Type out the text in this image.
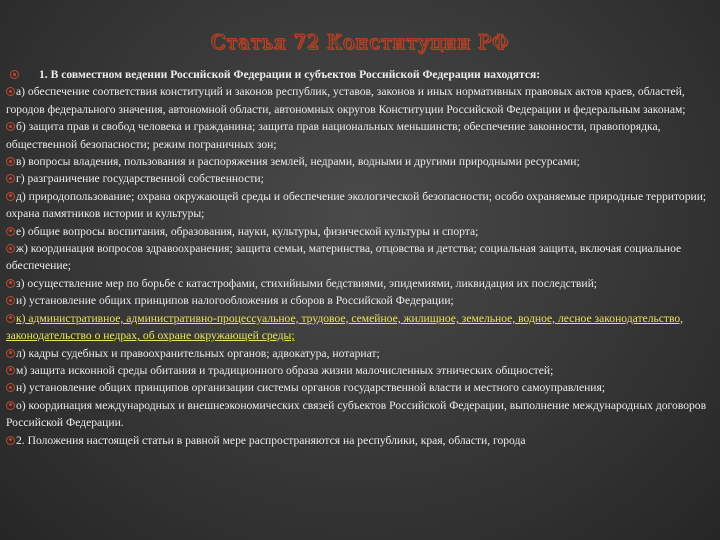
Статья 72 Конституции РФ

1. В совместном ведении Российской Федерации и субъектов Российской Федерации находятся:

а) обеспечение соответствия конституций и законов республик, уставов, законов и иных нормативных правовых актов краев, областей, городов федерального значения, автономной области, автономных округов Конституции Российской Федерации и федеральным законам;

б) защита прав и свобод человека и гражданина; защита прав национальных меньшинств; обеспечение законности, правопорядка, общественной безопасности; режим пограничных зон;

в) вопросы владения, пользования и распоряжения землей, недрами, водными и другими природными ресурсами;

г) разграничение государственной собственности;

д) природопользование; охрана окружающей среды и обеспечение экологической безопасности; особо охраняемые природные территории; охрана памятников истории и культуры;

е) общие вопросы воспитания, образования, науки, культуры, физической культуры и спорта;

ж) координация вопросов здравоохранения; защита семьи, материнства, отцовства и детства; социальная защита, включая социальное обеспечение;

з) осуществление мер по борьбе с катастрофами, стихийными бедствиями, эпидемиями, ликвидация их последствий;

и) установление общих принципов налогообложения и сборов в Российской Федерации;

к) административное, административно-процессуальное, трудовое, семейное, жилищное, земельное, водное, лесное законодательство, законодательство о недрах, об охране окружающей среды;

л) кадры судебных и правоохранительных органов; адвокатура, нотариат;

м) защита исконной среды обитания и традиционного образа жизни малочисленных этнических общностей;

н) установление общих принципов организации системы органов государственной власти и местного самоуправления;

о) координация международных и внешнеэкономических связей субъектов Российской Федерации, выполнение международных договоров Российской Федерации.

2. Положения настоящей статьи в равной мере распространяются на республики, края, области, города
